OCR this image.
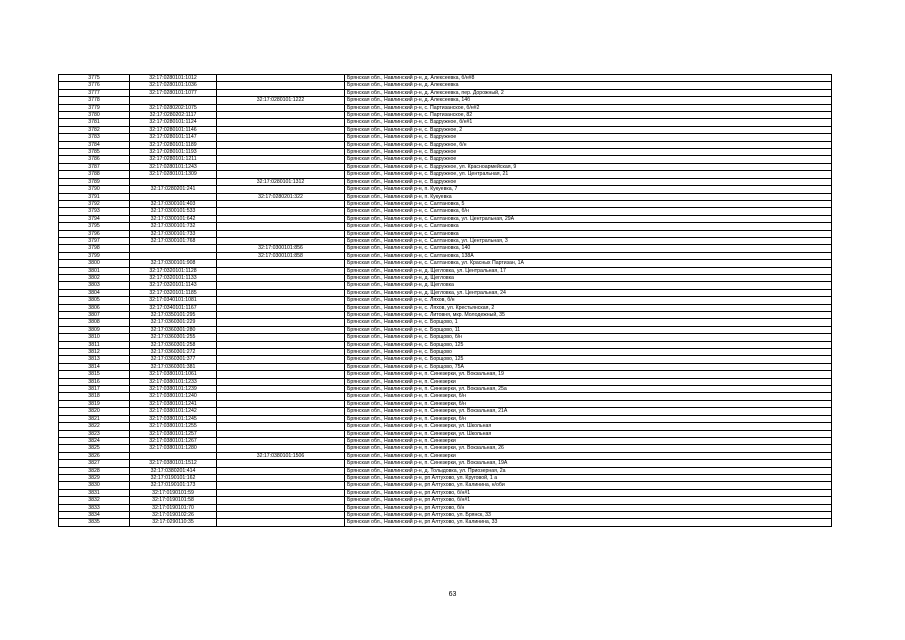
3775	32:17:0280101:1012		Брянская обл., Навлинский р-н, д. Алексеевка, б/н#8
3776	32:17:0280101:1036		Брянская обл., Навлинский р-н, д. Алексеевка
3777	32:17:0280101:1077		Брянская обл., Навлинский р-н, д. Алексеевка, пер. Дорожный, 2
3778		32:17:0280101:1222	Брянская обл., Навлинский р-н, д. Алексеевка, 14б
3779	32:17:0280202:1075		Брянская обл., Навлинский р-н, с. Партизанское, б/н#2
3780	32:17:0280202:1117		Брянская обл., Навлинский р-н, с. Партизанское, 82
3781	32:17:0280101:1124		Брянская обл., Навлинский р-н, с. Вздружное, б/н#1
3782	32:17:0280101:1146		Брянская обл., Навлинский р-н, с. Вздружное, 2
3783	32:17:0280101:1147		Брянская обл., Навлинский р-н, с. Вздружное
3784	32:17:0280101:1189		Брянская обл., Навлинский р-н, с. Вздружное, б/н
3785	32:17:0280101:1193		Брянская обл., Навлинский р-н, с. Вздружное
3786	32:17:0280101:1211		Брянская обл., Навлинский р-н, с. Вздружное
3787	32:17:0280101:1243		Брянская обл., Навлинский р-н, с. Вздружное, ул. Красноармейская, 9
3788	32:17:0280101:1309		Брянская обл., Навлинский р-н, с. Вздружное, ул. Центральная, 21
3789		32:17:0280101:1312	Брянская обл., Навлинский р-н, с. Вздружное
3790	32:17:0280201:241		Брянская обл., Навлинский р-н, п. Кукуевка, 7
3791		32:17:0280201:322	Брянская обл., Навлинский р-н, п. Кукуевка
3792	32:17:0300101:403		Брянская обл., Навлинский р-н, с. Салтановка, 5
3793	32:17:0300101:533		Брянская обл., Навлинский р-н, с. Салтановка, б/н
3794	32:17:0300101:642		Брянская обл., Навлинский р-н, с. Салтановка, ул. Центральная, 29А
3795	32:17:0300101:732		Брянская обл., Навлинский р-н, с. Салтановка
3796	32:17:0300101:733		Брянская обл., Навлинский р-н, с. Салтановка
3797	32:17:0300101:768		Брянская обл., Навлинский р-н, с. Салтановка, ул. Центральная, 3
3798		32:17:0300101:856	Брянская обл., Навлинский р-н, с. Салтановка, 140
3799		32:17:0300101:858	Брянская обл., Навлинский р-н, с. Салтановка, 138А
3800	32:17:0300101:908		Брянская обл., Навлинский р-н, с. Салтановка, ул. Красных Партизан, 1А
3801	32:17:0320101:1128		Брянская обл., Навлинский р-н, д. Щегловка, ул. Центральная, 17
3802	32:17:0320101:1133		Брянская обл., Навлинский р-н, д. Щегловка
3803	32:17:0320101:1143		Брянская обл., Навлинский р-н, д. Щегловка
3804	32:17:0320101:1185		Брянская обл., Навлинский р-н, д. Щегловка, ул. Центральная, 24
3805	32:17:0340101:1081		Брянская обл., Навлинский р-н, с. Ляхов, б/н
3806	32:17:0340101:1167		Брянская обл., Навлинский р-н, с. Ляхов, ул. Крестьянская, 2
3807	32:17:0350101:295		Брянская обл., Навлинский р-н, с. Литовня, мкр. Молодежный, 35
3808	32:17:0360301:229		Брянская обл., Навлинский р-н, с. Борщово, 1
3809	32:17:0360301:280		Брянская обл., Навлинский р-н, с. Борщово, 11
3810	32:17:0360301:255		Брянская обл., Навлинский р-н, с. Борщово, б/н
3811	32:17:0360301:258		Брянская обл., Навлинский р-н, с. Борщово, 125
3812	32:17:0360301:272		Брянская обл., Навлинский р-н, с. Борщово
3813	32:17:0360301:377		Брянская обл., Навлинский р-н, с. Борщово, 125
3814	32:17:0360301:381		Брянская обл., Навлинский р-н, с. Борщово, 75А
3815	32:17:0380101:1061		Брянская обл., Навлинский р-н, п. Синезерки, ул. Вокзальная, 19
3816	32:17:0380101:1233		Брянская обл., Навлинский р-н, п. Синезерки
3817	32:17:0380101:1239		Брянская обл., Навлинский р-н, п. Синезерки, ул. Вокзальная, 25а
3818	32:17:0380101:1240		Брянская обл., Навлинский р-н, п. Синезерки, б/н
3819	32:17:0380101:1241		Брянская обл., Навлинский р-н, п. Синезерки, б/н
3820	32:17:0380101:1242		Брянская обл., Навлинский р-н, п. Синезерки, ул. Вокзальная, 21А
3821	32:17:0380101:1245		Брянская обл., Навлинский р-н, п. Синезерки, б/н
3822	32:17:0380101:1255		Брянская обл., Навлинский р-н, п. Синезерки, ул. Школьная
3823	32:17:0380101:1257		Брянская обл., Навлинский р-н, п. Синезерки, ул. Школьная
3824	32:17:0380101:1267		Брянская обл., Навлинский р-н, п. Синезерки
3825	32:17:0380101:1280		Брянская обл., Навлинский р-н, п. Синезерки, ул. Вокзальная, 26
3826		32:17:0380101:1506	Брянская обл., Навлинский р-н, п. Синезерки
3827	32:17:0380101:1512		Брянская обл., Навлинский р-н, п. Синезерки, ул. Вокзальная, 19А
3828	32:17:0380201:414		Брянская обл., Навлинский р-н, д. Толыдовка, ул. Приозерная, 2а
3829	32:17:0190101:162		Брянская обл., Навлинский р-н, рп Алтухово, ул. Круговой, 1 а
3830	32:17:0190101:173		Брянская обл., Навлинский р-н, рп Алтухово, ул. Калинина, н/оби
3831	32:17:0190101:59		Брянская обл., Навлинский р-н, рп Алтухово, б/н#1
3832	32:17:0190101:58		Брянская обл., Навлинский р-н, рп Алтухово, б/н#1
3833	32:17:0190101:70		Брянская обл., Навлинский р-н, рп Алтухово, б/н
3834	32:17:0190102:26		Брянская обл., Навлинский р-н, рп Алтухово, ул. Брянск, 33
3835	32:17:0290110:35		Брянская обл., Навлинский р-н, рп Алтухово, ул. Калинина, 33
63
